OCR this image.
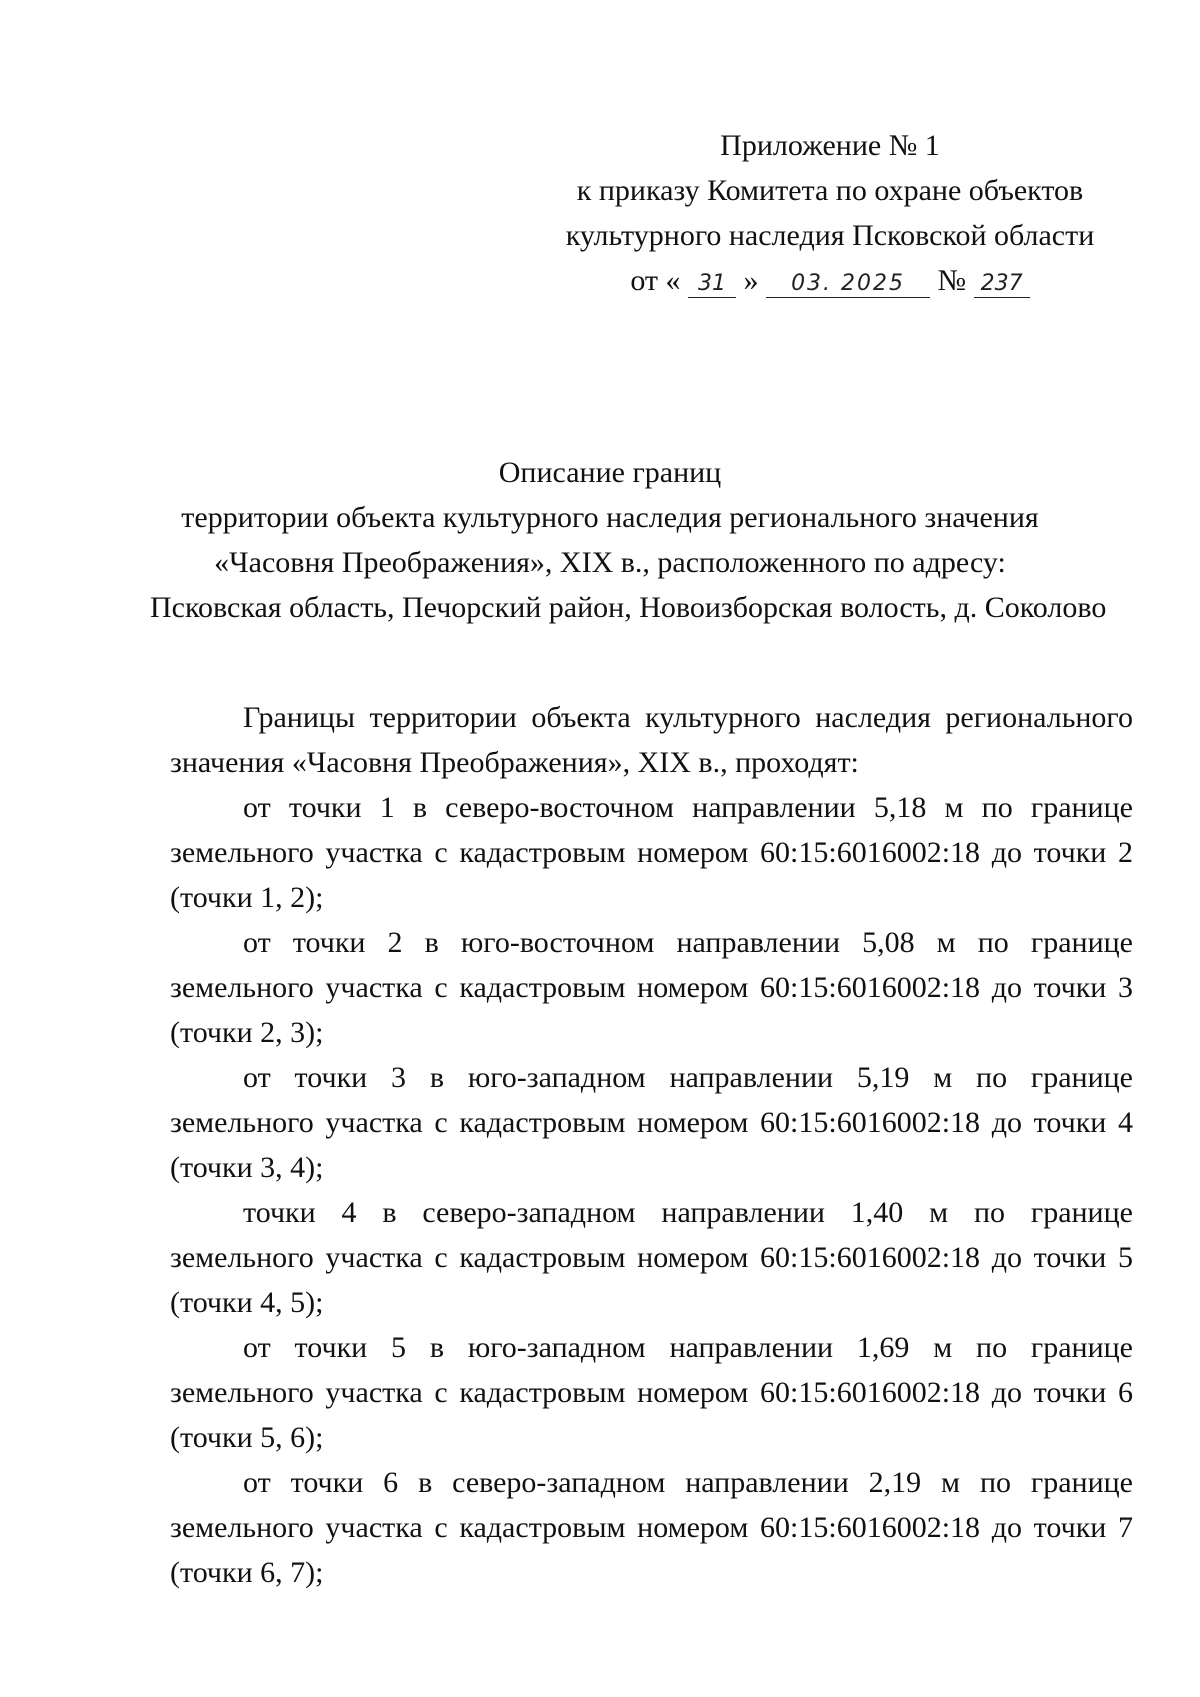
Приложение № 1
к приказу Комитета по охране объектов
культурного наследия Псковской области
от « 31 » 03. 2025 № 237
Описание границ
территории объекта культурного наследия регионального значения
«Часовня Преображения», XIX в., расположенного по адресу:
Псковская область, Печорский район, Новоизборская волость, д. Соколово

Границы территории объекта культурного наследия регионального значения «Часовня Преображения», XIX в., проходят:

от точки 1 в северо-восточном направлении 5,18 м по границе земельного участка с кадастровым номером 60:15:6016002:18 до точки 2 (точки 1, 2);

от точки 2 в юго-восточном направлении 5,08 м по границе земельного участка с кадастровым номером 60:15:6016002:18 до точки 3 (точки 2, 3);

от точки 3 в юго-западном направлении 5,19 м по границе земельного участка с кадастровым номером 60:15:6016002:18 до точки 4 (точки 3, 4);

точки 4 в северо-западном направлении 1,40 м по границе земельного участка с кадастровым номером 60:15:6016002:18 до точки 5 (точки 4, 5);

от точки 5 в юго-западном направлении 1,69 м по границе земельного участка с кадастровым номером 60:15:6016002:18 до точки 6 (точки 5, 6);

от точки 6 в северо-западном направлении 2,19 м по границе земельного участка с кадастровым номером 60:15:6016002:18 до точки 7 (точки 6, 7);
